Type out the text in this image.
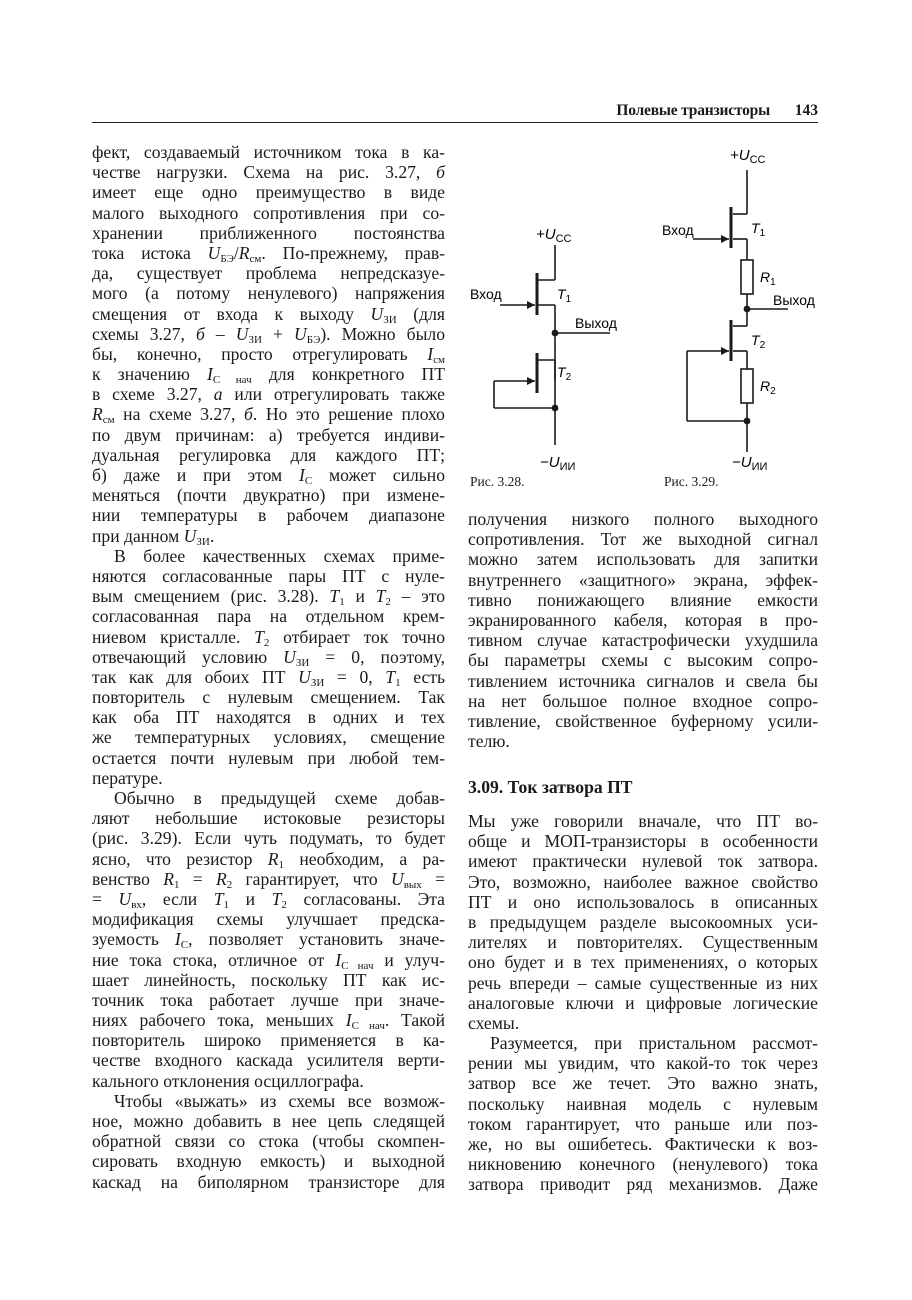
Полевые транзисторы 143
фект, создаваемый источником тока в ка-
честве нагрузки. Схема на рис. 3.27, б
имеет еще одно преимущество в виде
малого выходного сопротивления при со-
хранении приближенного постоянства
тока истока $U_{БЭ}/R_{см}$. По-прежнему, прав-
да, существует проблема непредсказуе-
мого (а потому ненулевого) напряжения
смещения от входа к выходу $U_{ЗИ}$ (для
схемы 3.27, $б - U_{ЗИ} + U_{БЭ}$). Можно было
бы, конечно, просто отрегулировать $I_{см}$
к значению $I_{С нач}$ для конкретного ПТ
в схеме 3.27, а или отрегулировать также
$R_{см}$ на схеме 3.27, б. Но это решение плохо
по двум причинам: а) требуется индиви-
дуальная регулировка для каждого ПТ;
б) даже и при этом $I_С$ может сильно
меняться (почти двукратно) при измене-
нии температуры в рабочем диапазоне
при данном $U_{ЗИ}$.
В более качественных схемах приме-
няются согласованные пары ПТ с нуле-
вым смещением (рис. 3.28). $T_1$ и $T_2$ – это
согласованная пара на отдельном крем-
ниевом кристалле. $T_2$ отбирает ток точно
отвечающий условию $U_{ЗИ} = 0$, поэтому,
так как для обоих ПТ $U_{ЗИ} = 0$, $T_1$ есть
повторитель с нулевым смещением. Так
как оба ПТ находятся в одних и тех
же температурных условиях, смещение
остается почти нулевым при любой тем-
пературе.
Обычно в предыдущей схеме добав-
ляют небольшие истоковые резисторы
(рис. 3.29). Если чуть подумать, то будет
ясно, что резистор $R_1$ необходим, а ра-
венство $R_1 = R_2$ гарантирует, что $U_{вых}$ =
= $U_{вх}$, если $T_1$ и $T_2$ согласованы. Эта
модификация схемы улучшает предска-
зуемость $I_С$, позволяет установить значе-
ние тока стока, отличное от $I_{С нач}$ и улуч-
шает линейность, поскольку ПТ как ис-
точник тока работает лучше при значе-
ниях рабочего тока, меньших $I_{С нач}$. Такой
повторитель широко применяется в ка-
честве входного каскада усилителя верти-
кального отклонения осциллографа.
Чтобы «выжать» из схемы все возмож-
ное, можно добавить в нее цепь следящей
обратной связи со стока (чтобы скомпен-
сировать входную емкость) и выходной
каскад на биполярном транзисторе для
$+U_{CC}$
Вход
Выход
$T_1$
$T_2$
$-U_{ИИ}$
Рис. 3.28.
$+U_{CC}$
Вход
Выход
$T_1$
$R_1$
$T_2$
$R_2$
$-U_{ИИ}$
Рис. 3.29.
получения низкого полного выходного
сопротивления. Тот же выходной сигнал
можно затем использовать для запитки
внутреннего «защитного» экрана, эффек-
тивно понижающего влияние емкости
экранированного кабеля, которая в про-
тивном случае катастрофически ухудшила
бы параметры схемы с высоким сопро-
тивлением источника сигналов и свела бы
на нет большое полное входное сопро-
тивление, свойственное буферному усили-
телю.
3.09. Ток затвора ПТ
Мы уже говорили вначале, что ПТ во-
обще и МОП-транзисторы в особенности
имеют практически нулевой ток затвора.
Это, возможно, наиболее важное свойство
ПТ и оно использовалось в описанных
в предыдущем разделе высокоомных уси-
лителях и повторителях. Существенным
оно будет и в тех применениях, о которых
речь впереди – самые существенные из них
аналоговые ключи и цифровые логические
схемы.
Разумеется, при пристальном рассмот-
рении мы увидим, что какой-то ток через
затвор все же течет. Это важно знать,
поскольку наивная модель с нулевым
током гарантирует, что раньше или поз-
же, но вы ошибетесь. Фактически к воз-
никновению конечного (ненулевого) тока
затвора приводит ряд механизмов. Даже
